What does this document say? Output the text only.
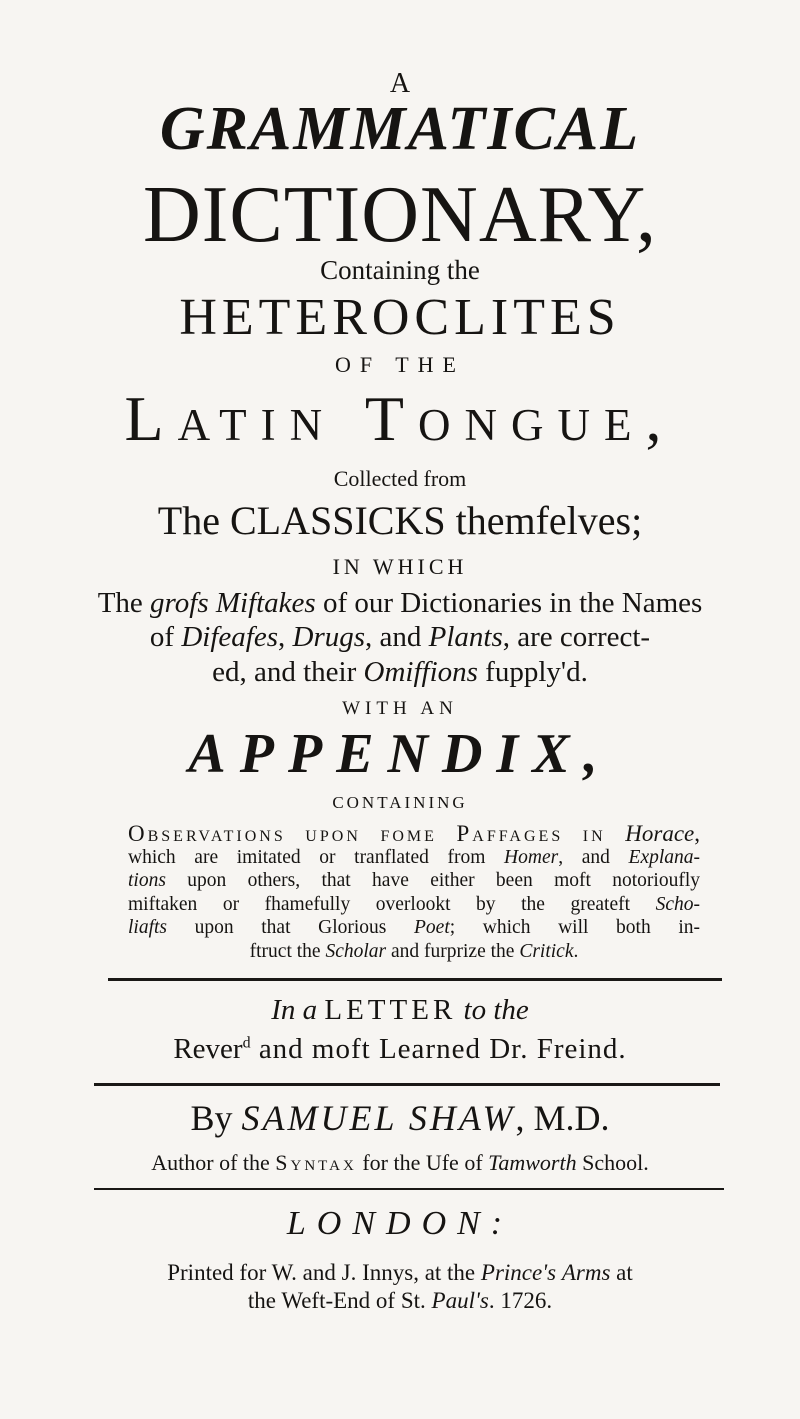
A
GRAMMATICAL
DICTIONARY,
Containing the
HETEROCLITES
OF THE
Latin Tongue,
Collected from
The CLASSICKS themfelves;
IN WHICH
The grofs Miftakes of our Dictionaries in the Names
of Difeafes, Drugs, and Plants, are correct-
ed, and their Omiffions fupply'd.
WITH AN
APPENDIX,
CONTAINING
Observations upon fome Paffages in Horace,
which are imitated or tranflated from Homer, and Explana-
tions upon others, that have either been moft notorioufly
miftaken or fhamefully overlookt by the greateft Scho-
liafts upon that Glorious Poet; which will both in-
ftruct the Scholar and furprize the Critick.
In a LETTER to the
Rever$^d$ and moft Learned Dr. Freind.
By SAMUEL SHAW, M.D.
Author of the Syntax for the Ufe of Tamworth School.
LONDON:
Printed for W. and J. Innys, at the Prince's Arms at
the Weft-End of St. Paul's. 1726.
